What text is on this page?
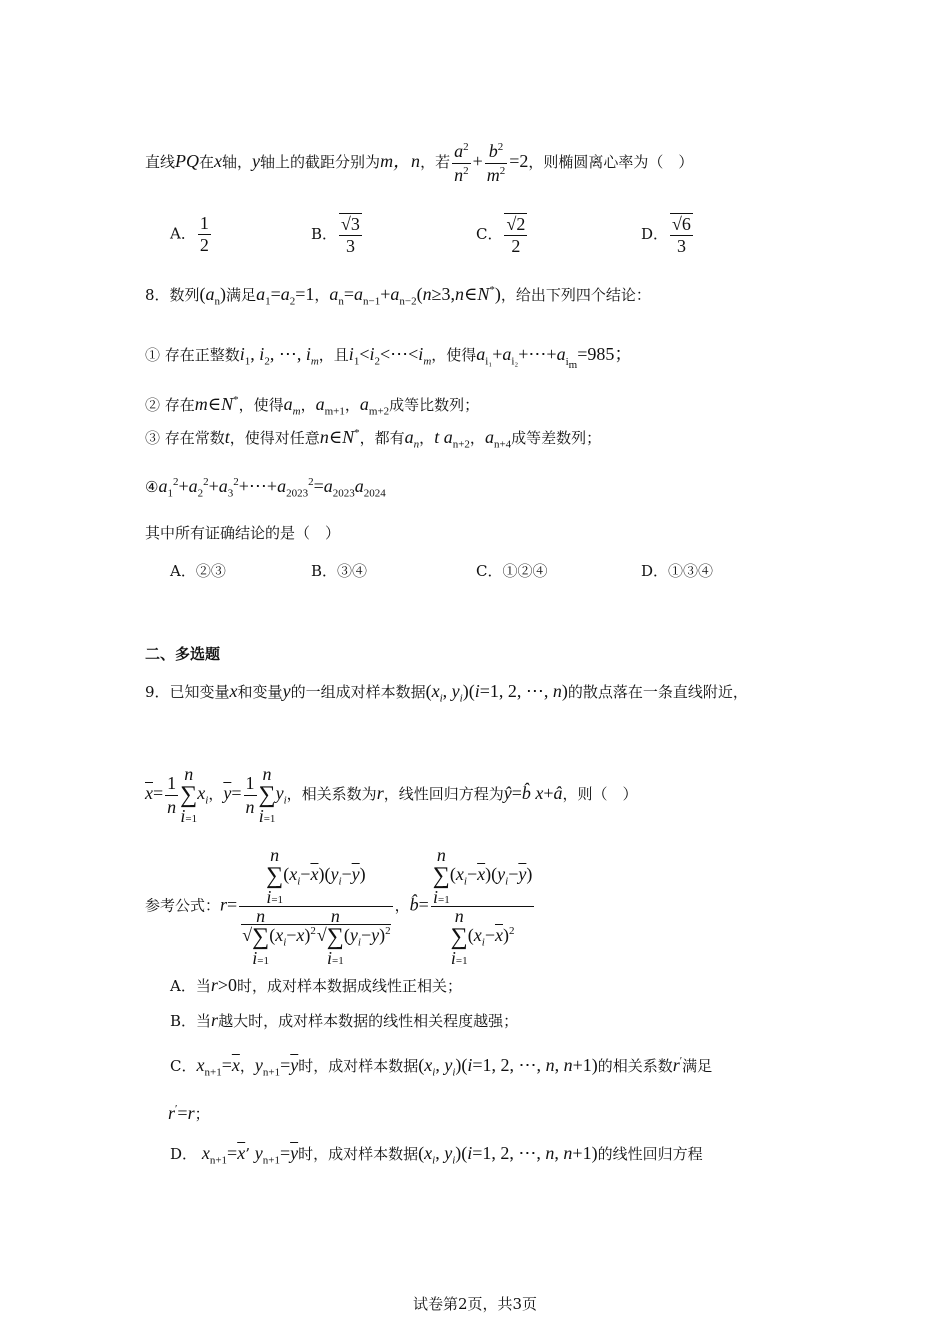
直线PQ在x轴，y轴上的截距分别为m，n，若 $\frac{a^2}{n^2} + \frac{b^2}{m^2} =2$，则椭圆离心率为（　）
A． $\frac{1}{2}$	B． $\frac{√3}{3}$	C． $\frac{√2}{2}$	D． $\frac{√6}{3}$
8．数列$(a_n)$满足$a_1=a_2=1$，$a_n=a_{n-1}+a_{n-2}(n\ge 3,n\in N^*)$，给出下列四个结论：
① 存在正整数$i_1$, $i_2$, ⋯, $i_m$，且$i_1<i_2<\cdots<i_m$，使得$a_{i_1}+a_{i_2}+\cdots+a_{i_m}=985$；
② 存在m∈N*，使得$a_m$，$a_{m+1}$，$a_{m+2}$成等比数列；
③ 存在常数t，使得对任意n∈N*，都有$a_n$，t $a_{n+2}$，$a_{n+4}$成等差数列；
$④a_1^2+a_2^2+a_3^2+\cdots+a_{2023}^2=a_{2023}a_{2024}$
其中所有证确结论的是（　）
A．②③	B．③④	C．①②④	D．①③④
二、多选题
9．已知变量x和变量y的一组成对样本数据($x_i$, $y_i)(i=1$, 2, ⋯, n)的散点落在一条直线附近，
$\overline{x}= \frac{1}{n}$ n
∑
$i=1x_i$，$\overline{y}= \frac{1}{n}$ n
∑
$i=1y_i$，相关系数为r，线性回归方程为ŷ=b̂ x+â，则（　）
参考公式：r= n
∑
$i=1(x_i-\overline{x})(y_i-\overline{y})$
√n
∑
$i=1(x_i-\overline{x})^2√n$
∑
$i=1(y_i-\overline{y})^2$ ，b̂= n
∑
$i=1(x_i-\overline{x})(y_i-\overline{y})$
n
∑
$i=1(x_i-\overline{x})^2$
A．当r>0时，成对样本数据成线性正相关；
B．当r越大时，成对样本数据的线性相关程度越强；
C．$x_{n+1}=\overline{x}$，$y_{n+1}=\overline{y}$时，成对样本数据($x_i$, $y_i)(i=1$, 2, ⋯, n, n+1)的相关系数r′满足
r′=r；
D． $x_{n+1}=\overline{x}$’ $y_{n+1}=\overline{y}$时，成对样本数据($x_i$, $y_i)(i=1$, 2, ⋯, n, n+1)的线性回归方程
试卷第2页，共3页
